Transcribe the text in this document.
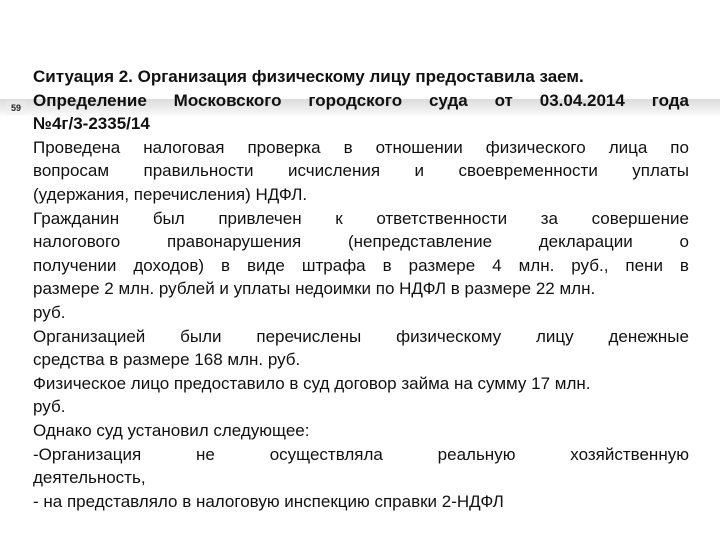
59
Ситуация 2. Организация физическому лицу предоставила заем.
Определение Московского городского суда от 03.04.2014 года
№4г/3-2335/14
Проведена налоговая проверка в отношении физического лица по
вопросам правильности исчисления и своевременности уплаты
(удержания, перечисления) НДФЛ.
Гражданин был привлечен к ответственности за совершение
налогового	правонарушения	(непредставление	декларации	о
получении доходов) в виде штрафа в размере 4 млн. руб., пени в
размере 2 млн. рублей и уплаты недоимки по НДФЛ в размере 22 млн.
руб.
Организацией были перечислены физическому лицу денежные
средства в размере 168 млн. руб.
Физическое лицо предоставило в суд договор займа на сумму 17 млн.
руб.
Однако суд установил следующее:
-Организация	не	осуществляла	реальную	хозяйственную
деятельность,
- на представляло в налоговую инспекцию справки 2-НДФЛ
